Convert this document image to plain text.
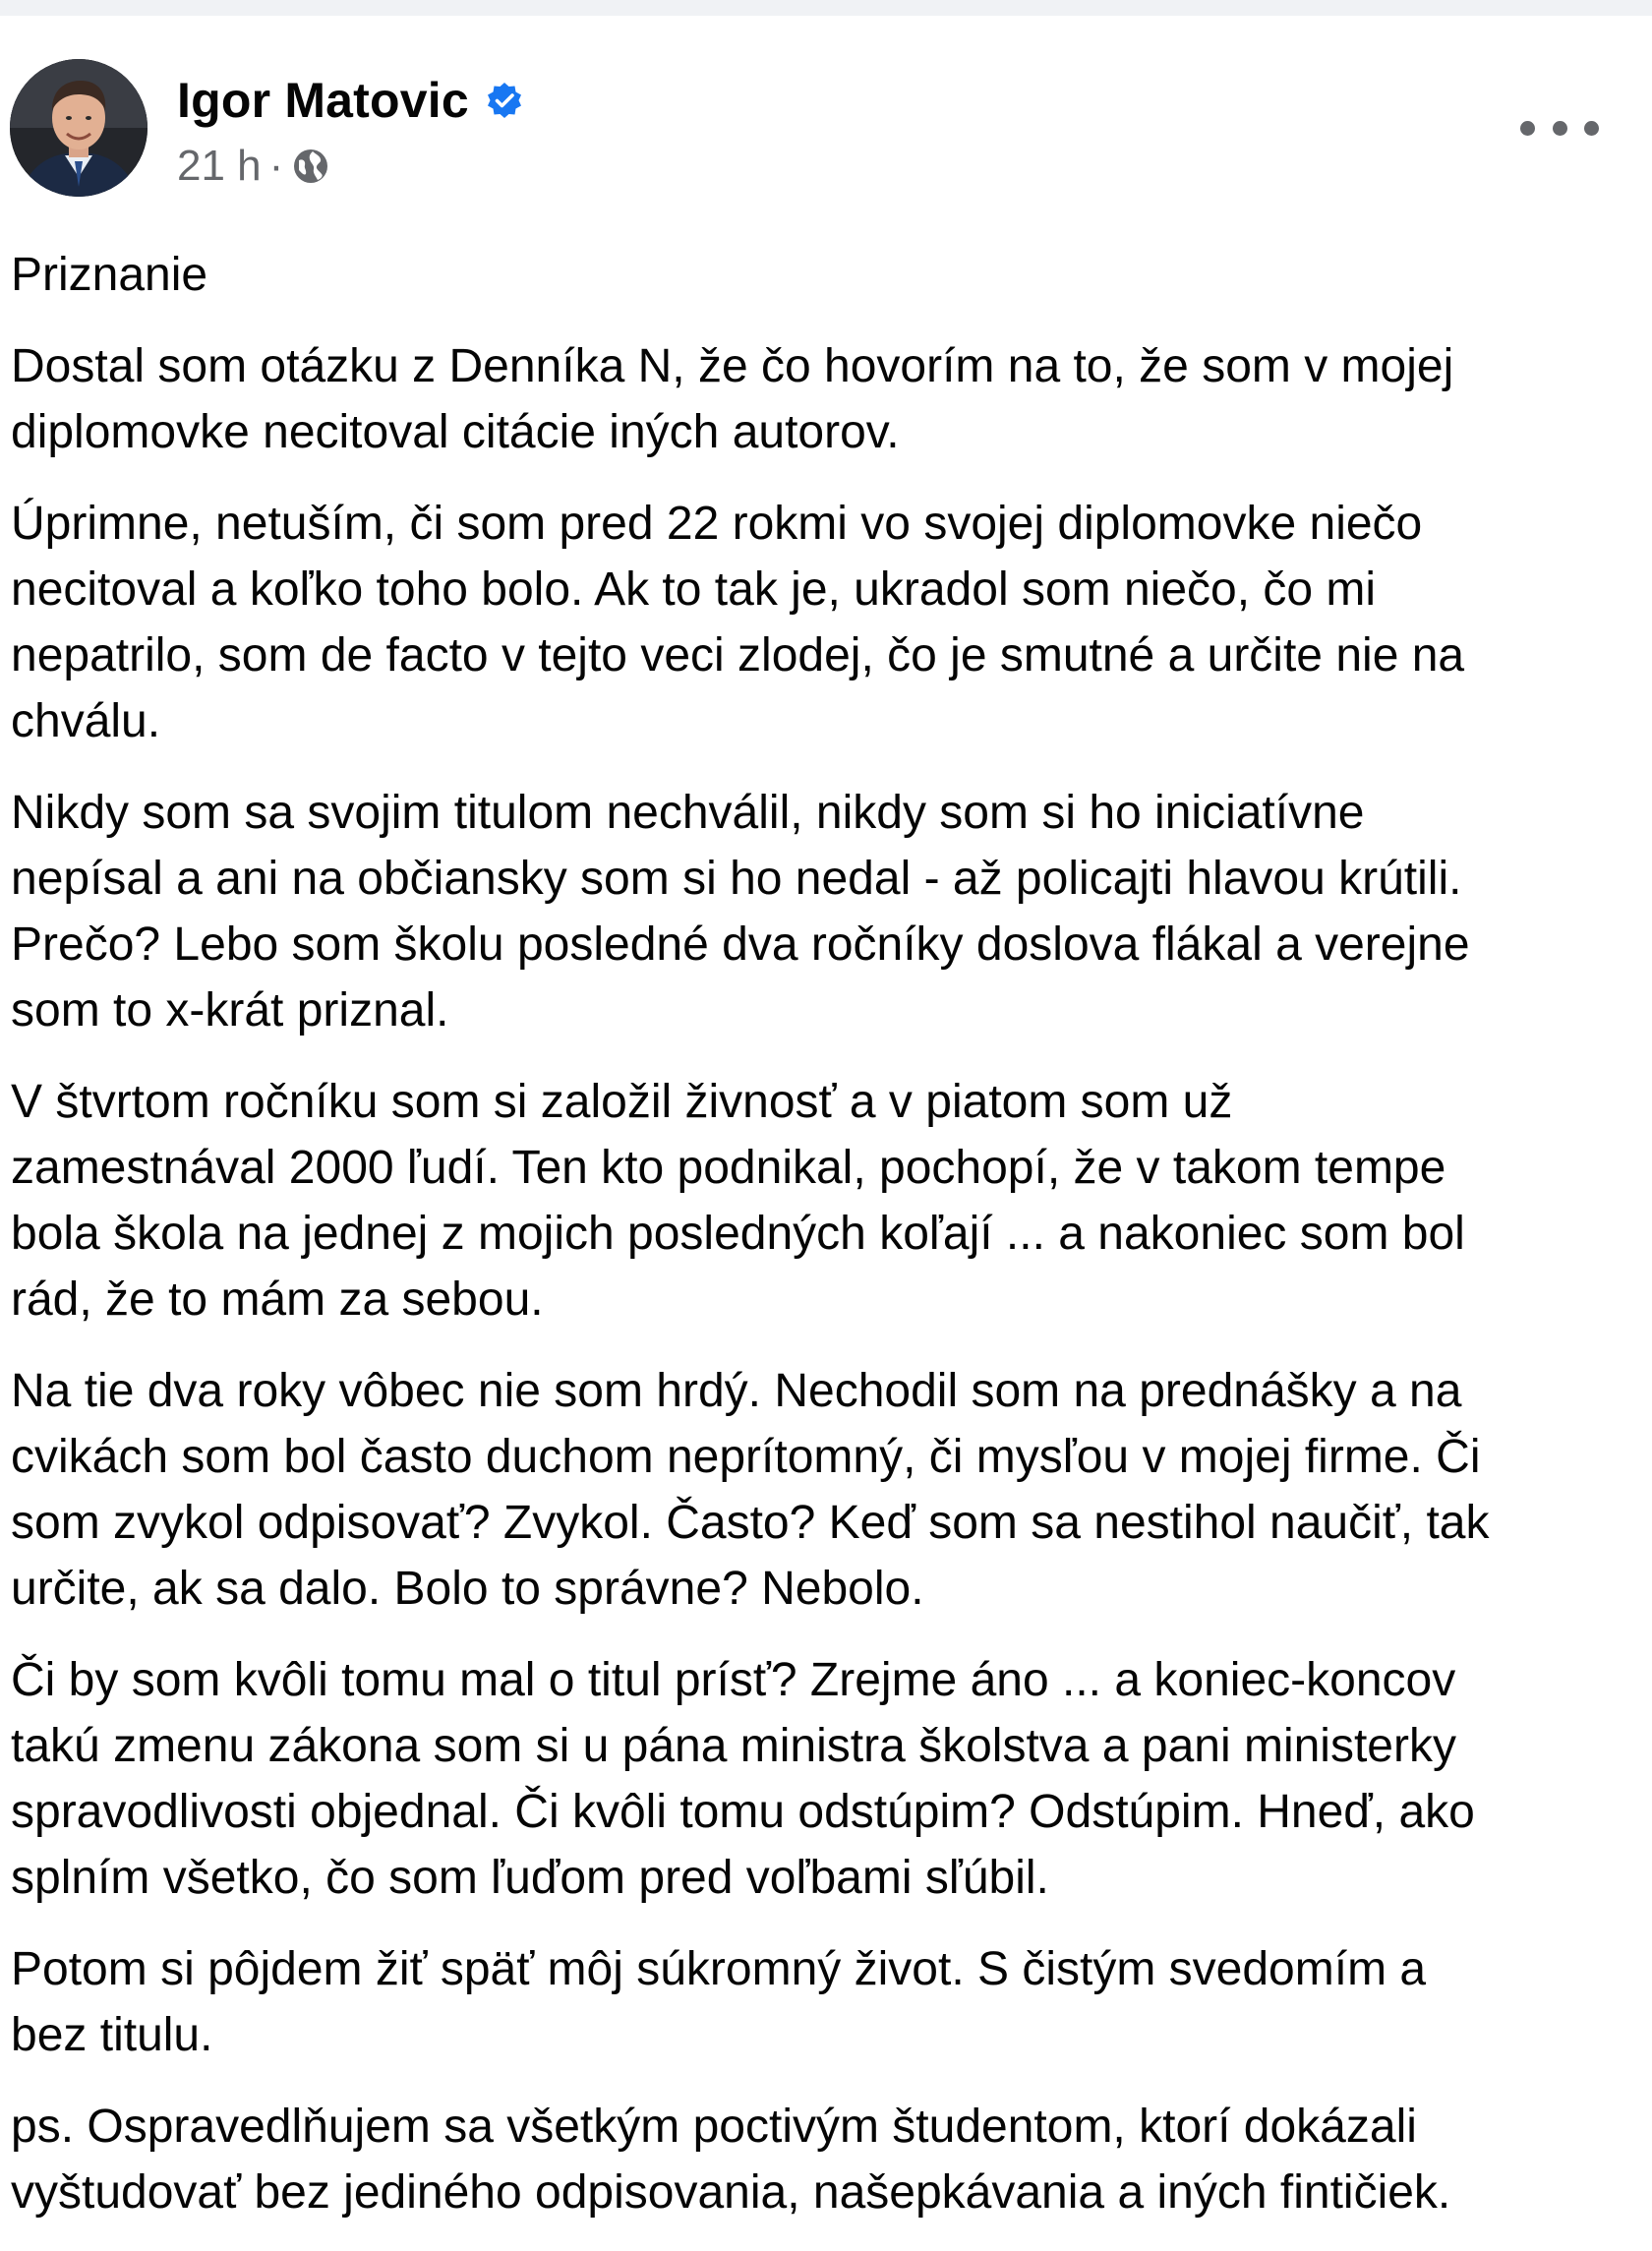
Igor Matovic
21 h ·

Priznanie

Dostal som otázku z Denníka N, že čo hovorím na to, že som v mojej
diplomovke necitoval citácie iných autorov.

Úprimne, netuším, či som pred 22 rokmi vo svojej diplomovke niečo
necitoval a koľko toho bolo. Ak to tak je, ukradol som niečo, čo mi
nepatrilo, som de facto v tejto veci zlodej, čo je smutné a určite nie na
chválu.

Nikdy som sa svojim titulom nechválil, nikdy som si ho iniciatívne
nepísal a ani na občiansky som si ho nedal - až policajti hlavou krútili.
Prečo? Lebo som školu posledné dva ročníky doslova flákal a verejne
som to x-krát priznal.

V štvrtom ročníku som si založil živnosť a v piatom som už
zamestnával 2000 ľudí. Ten kto podnikal, pochopí, že v takom tempe
bola škola na jednej z mojich posledných koľají ... a nakoniec som bol
rád, že to mám za sebou.

Na tie dva roky vôbec nie som hrdý. Nechodil som na prednášky a na
cvikách som bol často duchom neprítomný, či mysľou v mojej firme. Či
som zvykol odpisovať? Zvykol. Často? Keď som sa nestihol naučiť, tak
určite, ak sa dalo. Bolo to správne? Nebolo.

Či by som kvôli tomu mal o titul prísť? Zrejme áno ... a koniec-koncov
takú zmenu zákona som si u pána ministra školstva a pani ministerky
spravodlivosti objednal. Či kvôli tomu odstúpim? Odstúpim. Hneď, ako
splním všetko, čo som ľuďom pred voľbami sľúbil.

Potom si pôjdem žiť späť môj súkromný život. S čistým svedomím a
bez titulu.

ps. Ospravedlňujem sa všetkým poctivým študentom, ktorí dokázali
vyštudovať bez jediného odpisovania, našepkávania a iných fintičiek.
